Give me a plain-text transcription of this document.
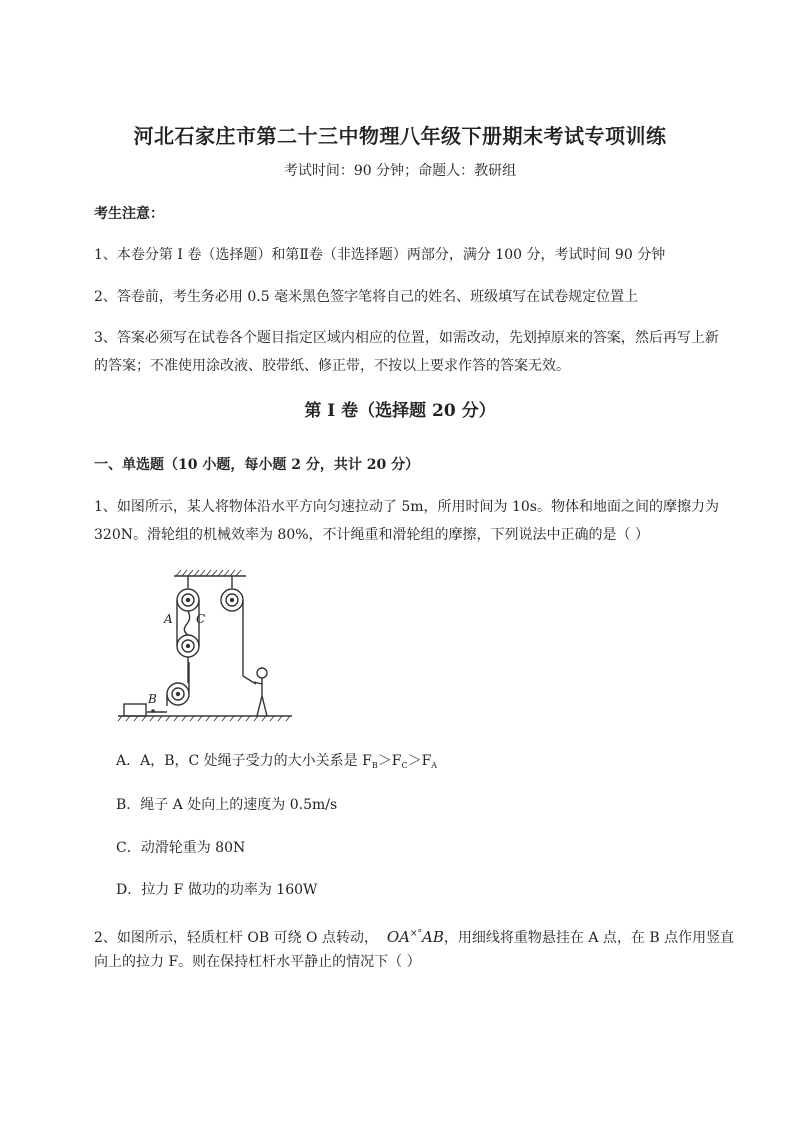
河北石家庄市第二十三中物理八年级下册期末考试专项训练
考试时间：90 分钟；命题人：教研组
考生注意：
1、本卷分第 I 卷（选择题）和第Ⅱ卷（非选择题）两部分，满分 100 分，考试时间 90 分钟
2、答卷前，考生务必用 0.5 毫米黑色签字笔将自己的姓名、班级填写在试卷规定位置上
3、答案必须写在试卷各个题目指定区域内相应的位置，如需改动，先划掉原来的答案，然后再写上新
的答案；不准使用涂改液、胶带纸、修正带，不按以上要求作答的答案无效。
第 I 卷（选择题 20 分）
一、单选题（10 小题，每小题 2 分，共计 20 分）
1、如图所示，某人将物体沿水平方向匀速拉动了 5m，所用时间为 10s。物体和地面之间的摩擦力为
320N。滑轮组的机械效率为 80%，不计绳重和滑轮组的摩擦，下列说法中正确的是（ ）
A C
B
A．A，B，C 处绳子受力的大小关系是 $F_B>F_C>F_A$
B．绳子 A 处向上的速度为 0.5m/s
C．动滑轮重为 80N
D．拉力 F 做功的功率为 160W
2、如图所示，轻质杠杆 OB 可绕 O 点转动， OA×°AB，用细线将重物悬挂在 A 点，在 B 点作用竖直
向上的拉力 F。则在保持杠杆水平静止的情况下（ ）
